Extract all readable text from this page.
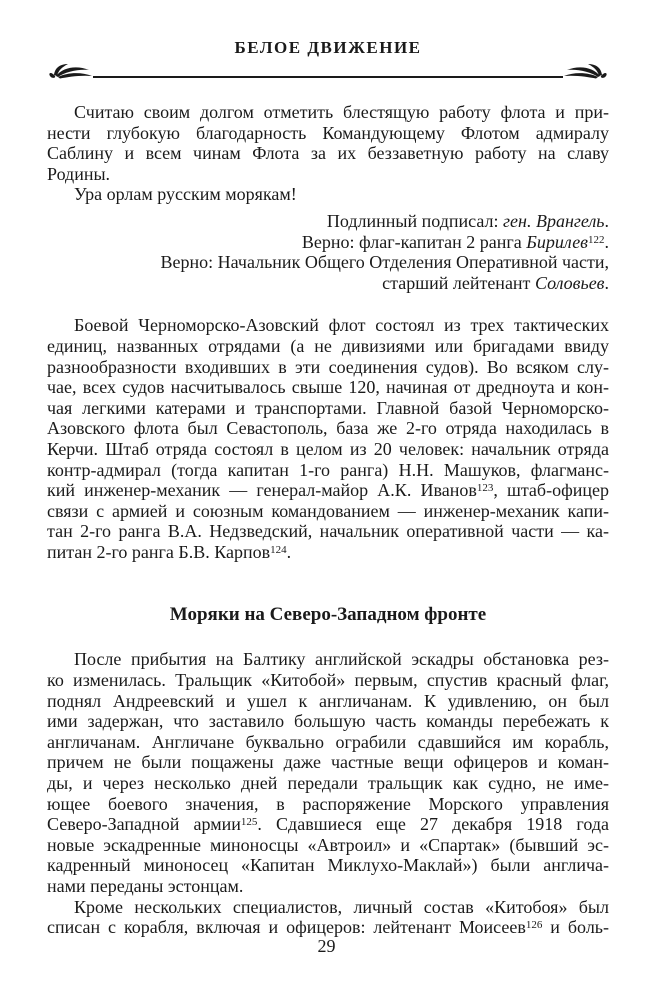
БЕЛОЕ ДВИЖЕНИЕ
Считаю своим долгом отметить блестящую работу флота и при-
нести глубокую благодарность Командующему Флотом адмиралу
Саблину и всем чинам Флота за их беззаветную работу на славу
Родины.
Ура орлам русским морякам!
Подлинный подписал: ген. Врангель.
Верно: флаг-капитан 2 ранга Бирилев$^{122}$.
Верно: Начальник Общего Отделения Оперативной части,
старший лейтенант Соловьев.
Боевой Черноморско-Азовский флот состоял из трех тактических
единиц, названных отрядами (а не дивизиями или бригадами ввиду
разнообразности входивших в эти соединения судов). Во всяком слу-
чае, всех судов насчитывалось свыше 120, начиная от дредноута и кон-
чая легкими катерами и транспортами. Главной базой Черноморско-
Азовского флота был Севастополь, база же 2-го отряда находилась в
Керчи. Штаб отряда состоял в целом из 20 человек: начальник отряда
контр-адмирал (тогда капитан 1-го ранга) Н.Н. Машуков, флагманс-
кий инженер-механик — генерал-майор А.К. Иванов$^{123}$, штаб-офицер
связи с армией и союзным командованием — инженер-механик капи-
тан 2-го ранга В.А. Недзведский, начальник оперативной части — ка-
питан 2-го ранга Б.В. Карпов$^{124}$.
Моряки на Северо-Западном фронте
После прибытия на Балтику английской эскадры обстановка рез-
ко изменилась. Тральщик «Китобой» первым, спустив красный флаг,
поднял Андреевский и ушел к англичанам. К удивлению, он был
ими задержан, что заставило большую часть команды перебежать к
англичанам. Англичане буквально ограбили сдавшийся им корабль,
причем не были пощажены даже частные вещи офицеров и коман-
ды, и через несколько дней передали тральщик как судно, не име-
ющее боевого значения, в распоряжение Морского управления
Северо-Западной армии$^{125}$. Сдавшиеся еще 27 декабря 1918 года
новые эскадренные миноносцы «Автроил» и «Спартак» (бывший эс-
кадренный миноносец «Капитан Миклухо-Маклай») были англича-
нами переданы эстонцам.
Кроме нескольких специалистов, личный состав «Китобоя» был
списан с корабля, включая и офицеров: лейтенант Моисеев$^{126}$ и боль-
29
